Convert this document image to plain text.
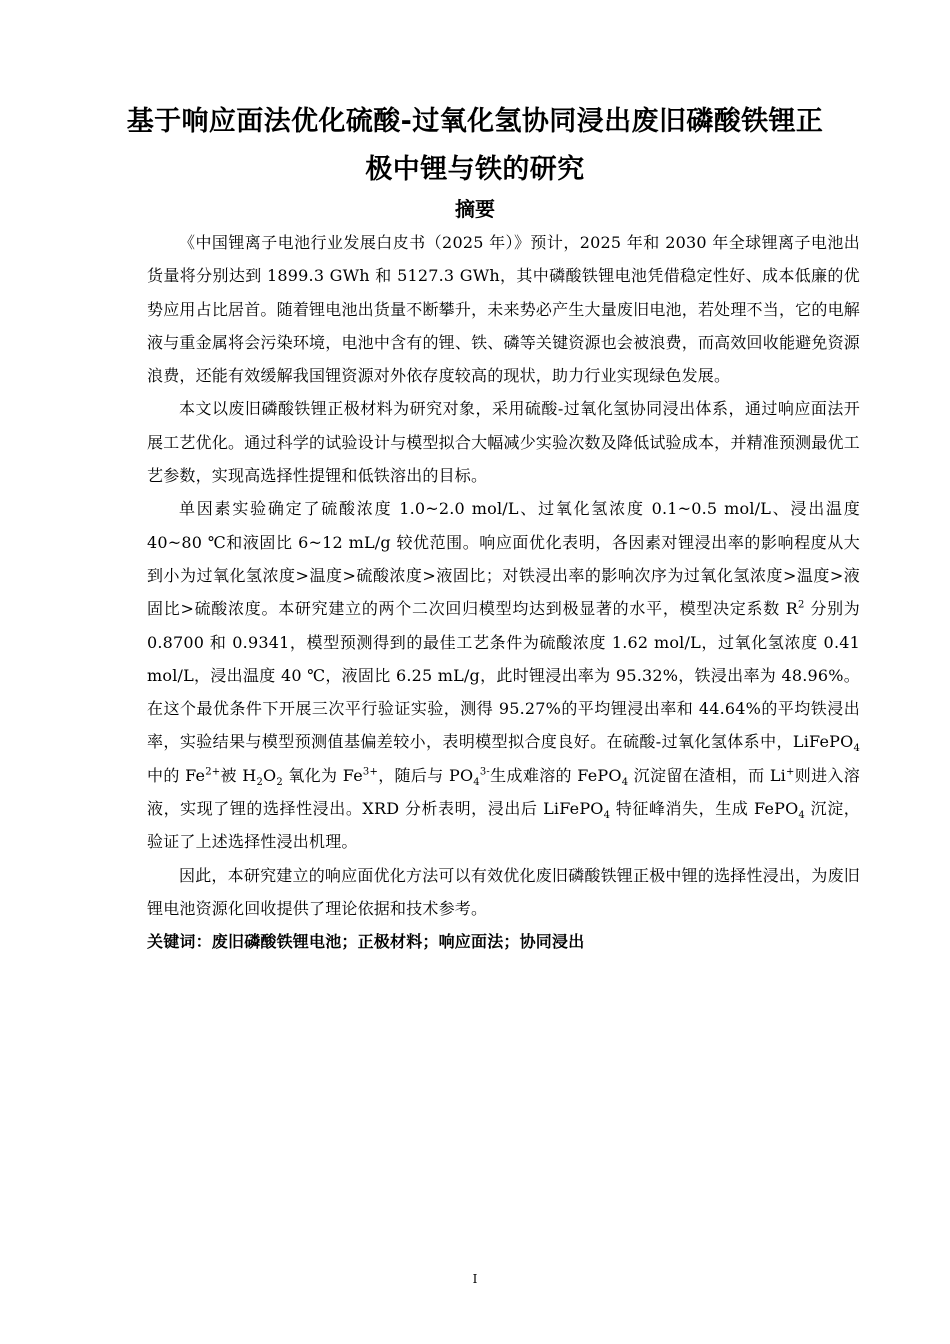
基于响应面法优化硫酸-过氧化氢协同浸出废旧磷酸铁锂正
极中锂与铁的研究
摘要

《中国锂离子电池行业发展白皮书（2025 年）》预计，2025 年和 2030 年全球锂离子电池出货量将分别达到 1899.3 GWh 和 5127.3 GWh，其中磷酸铁锂电池凭借稳定性好、成本低廉的优势应用占比居首。随着锂电池出货量不断攀升，未来势必产生大量废旧电池，若处理不当，它的电解液与重金属将会污染环境，电池中含有的锂、铁、磷等关键资源也会被浪费，而高效回收能避免资源浪费，还能有效缓解我国锂资源对外依存度较高的现状，助力行业实现绿色发展。

本文以废旧磷酸铁锂正极材料为研究对象，采用硫酸-过氧化氢协同浸出体系，通过响应面法开展工艺优化。通过科学的试验设计与模型拟合大幅减少实验次数及降低试验成本，并精准预测最优工艺参数，实现高选择性提锂和低铁溶出的目标。

单因素实验确定了硫酸浓度 1.0~2.0 mol/L、过氧化氢浓度 0.1~0.5 mol/L、浸出温度 40~80 ℃和液固比 6~12 mL/g 较优范围。响应面优化表明，各因素对锂浸出率的影响程度从大到小为过氧化氢浓度>温度>硫酸浓度>液固比；对铁浸出率的影响次序为过氧化氢浓度>温度>液固比>硫酸浓度。本研究建立的两个二次回归模型均达到极显著的水平，模型决定系数 $R^2$ 分别为 0.8700 和 0.9341，模型预测得到的最佳工艺条件为硫酸浓度 1.62 mol/L，过氧化氢浓度 0.41 mol/L，浸出温度 40 ℃，液固比 6.25 mL/g，此时锂浸出率为 95.32%，铁浸出率为 48.96%。在这个最优条件下开展三次平行验证实验，测得 95.27%的平均锂浸出率和 44.64%的平均铁浸出率，实验结果与模型预测值基偏差较小，表明模型拟合度良好。在硫酸-过氧化氢体系中，LiFePO$_4$ 中的 $Fe^{2+}$被 $H_2O_2$ 氧化为 $Fe^{3+}$，随后与 $PO_4^{3-}$生成难溶的 FePO$_4$ 沉淀留在渣相，而 Li+则进入溶液，实现了锂的选择性浸出。XRD 分析表明，浸出后 LiFePO$_4$ 特征峰消失，生成 FePO$_4$ 沉淀，验证了上述选择性浸出机理。

因此，本研究建立的响应面优化方法可以有效优化废旧磷酸铁锂正极中锂的选择性浸出，为废旧锂电池资源化回收提供了理论依据和技术参考。

关键词：废旧磷酸铁锂电池；正极材料；响应面法；协同浸出

I
